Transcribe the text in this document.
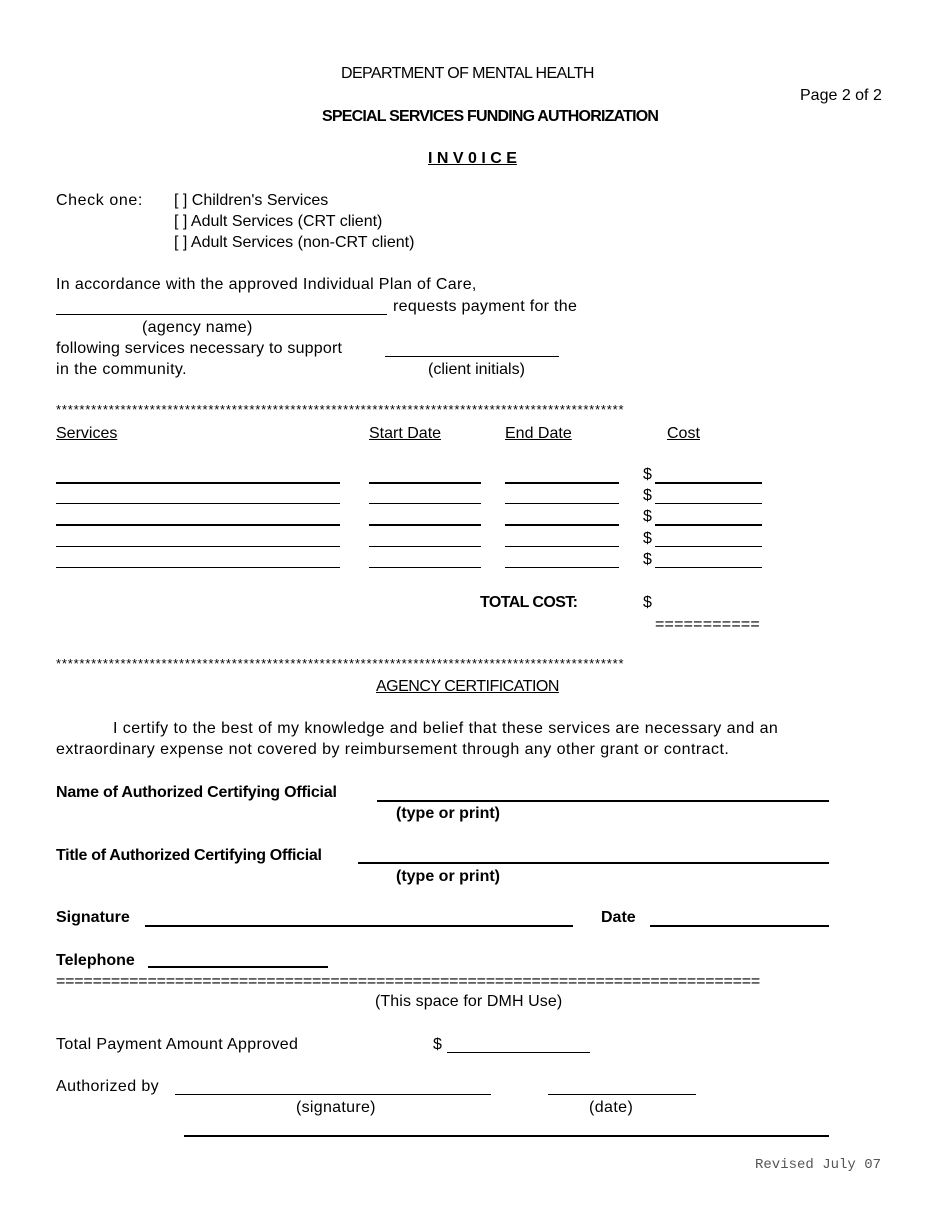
DEPARTMENT OF MENTAL HEALTH
Page 2 of 2
SPECIAL SERVICES FUNDING AUTHORIZATION
I N V 0 I C E
Check one: [ ] Children's Services
[ ] Adult Services (CRT client)
[ ] Adult Services (non-CRT client)
In accordance with the approved Individual Plan of Care,
requests payment for the
(agency name)
following services necessary to support
in the community.	(client initials)
*************************************************************************************************
Services	Start Date	End Date	Cost
$
$
$
$
$
TOTAL COST:	$
===========
*************************************************************************************************
AGENCY CERTIFICATION
I certify to the best of my knowledge and belief that these services are necessary and an
extraordinary expense not covered by reimbursement through any other grant or contract.
Name of Authorized Certifying Official
(type or print)
Title of Authorized Certifying Official
(type or print)
Signature	Date
Telephone
=============================================================================
(This space for DMH Use)
Total Payment Amount Approved	$
Authorized by
(signature)	(date)
Revised July 07
